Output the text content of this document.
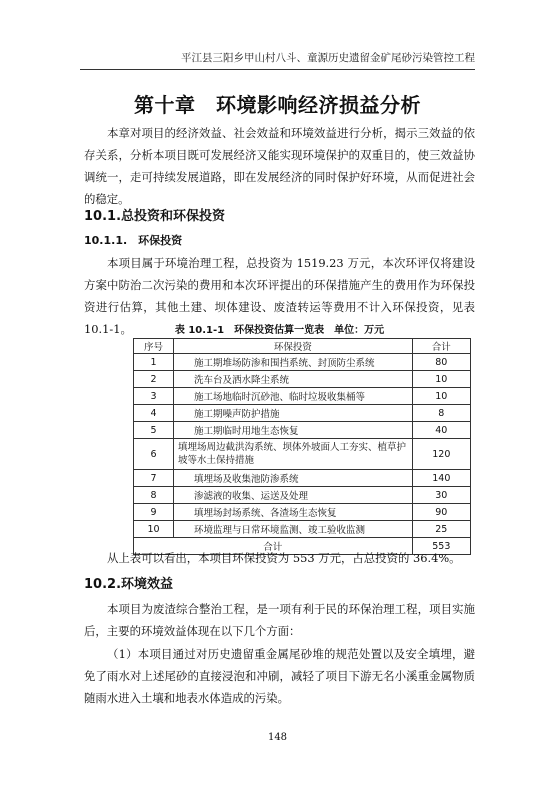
平江县三阳乡甲山村八斗、童源历史遗留金矿尾砂污染管控工程
第十章　环境影响经济损益分析
本章对项目的经济效益、社会效益和环境效益进行分析，揭示三效益的依存关系，分析本项目既可发展经济又能实现环境保护的双重目的，使三效益协调统一，走可持续发展道路，即在发展经济的同时保护好环境，从而促进社会的稳定。
10.1.总投资和环保投资
10.1.1.　环保投资
本项目属于环境治理工程，总投资为 1519.23 万元，本次环评仅将建设方案中防治二次污染的费用和本次环评提出的环保措施产生的费用作为环保投资进行估算，其他土建、坝体建设、废渣转运等费用不计入环保投资，见表 10.1-1。	表 10.1-1　环保投资估算一览表　单位：万元
序号	环保投资	合计
1	施工期堆场防渗和围挡系统、封顶防尘系统	80
2	洗车台及洒水降尘系统	10
3	施工场地临时沉砂池、临时垃圾收集桶等	10
4	施工期噪声防护措施	8
5	施工期临时用地生态恢复	40
6	填埋场周边截洪沟系统、坝体外坡面人工夯实、植草护坡等水土保持措施	120
7	填埋场及收集池防渗系统	140
8	渗滤液的收集、运送及处理	30
9	填埋场封场系统、各渣场生态恢复	90
10	环境监理与日常环境监测、竣工验收监测	25
合计		553
从上表可以看出，本项目环保投资为 553 万元，占总投资的 36.4%。
10.2.环境效益
本项目为废渣综合整治工程，是一项有利于民的环保治理工程，项目实施后，主要的环境效益体现在以下几个方面：
（1）本项目通过对历史遗留重金属尾砂堆的规范处置以及安全填埋，避免了雨水对上述尾砂的直接浸泡和冲刷，减轻了项目下游无名小溪重金属物质随雨水进入土壤和地表水体造成的污染。
148
